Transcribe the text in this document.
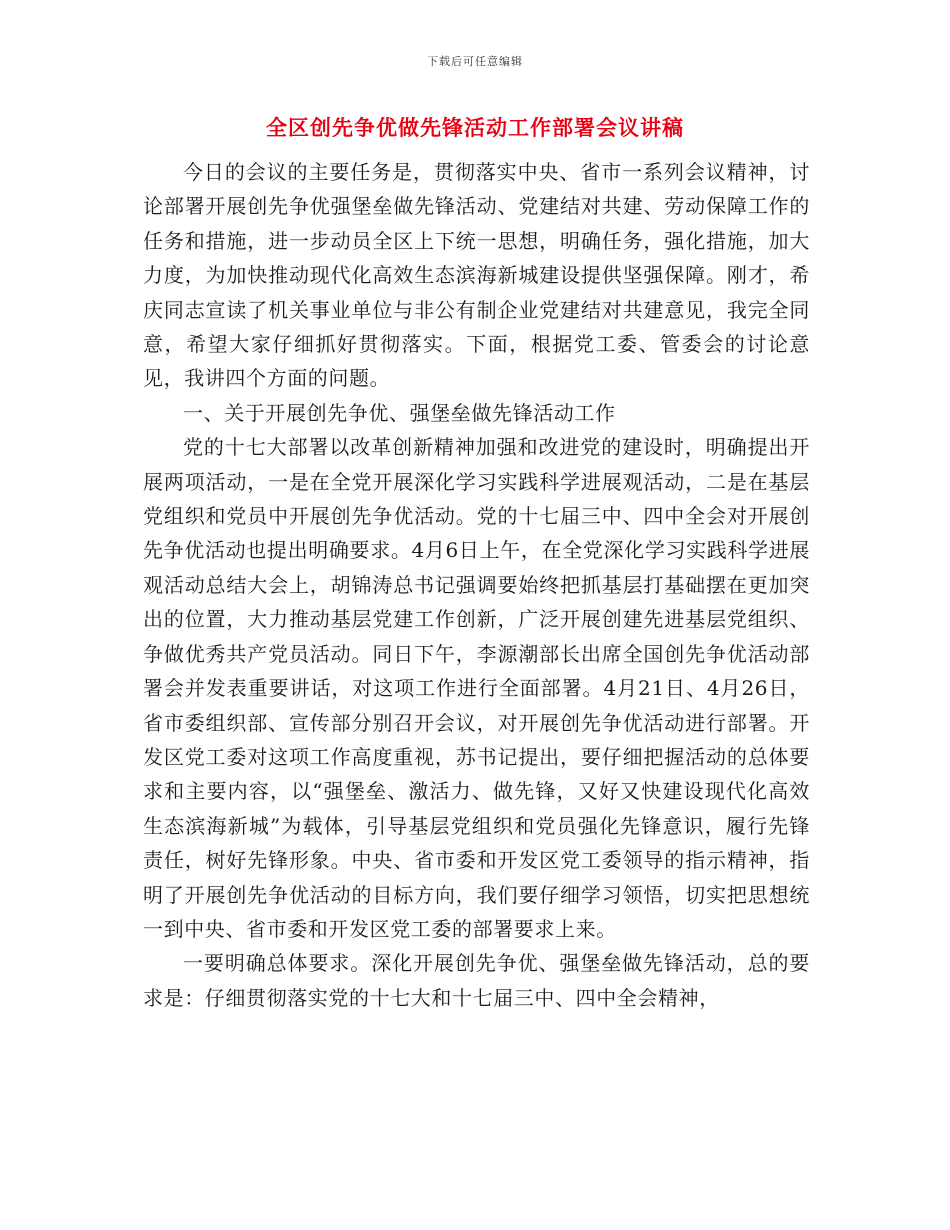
下载后可任意编辑
全区创先争优做先锋活动工作部署会议讲稿

今日的会议的主要任务是，贯彻落实中央、省市一系列会议精神，讨论部署开展创先争优强堡垒做先锋活动、党建结对共建、劳动保障工作的任务和措施，进一步动员全区上下统一思想，明确任务，强化措施，加大力度，为加快推动现代化高效生态滨海新城建设提供坚强保障。刚才，希庆同志宣读了机关事业单位与非公有制企业党建结对共建意见，我完全同意，希望大家仔细抓好贯彻落实。下面，根据党工委、管委会的讨论意见，我讲四个方面的问题。

一、关于开展创先争优、强堡垒做先锋活动工作

党的十七大部署以改革创新精神加强和改进党的建设时，明确提出开展两项活动，一是在全党开展深化学习实践科学进展观活动，二是在基层党组织和党员中开展创先争优活动。党的十七届三中、四中全会对开展创先争优活动也提出明确要求。4月6日上午，在全党深化学习实践科学进展观活动总结大会上，胡锦涛总书记强调要始终把抓基层打基础摆在更加突出的位置，大力推动基层党建工作创新，广泛开展创建先进基层党组织、争做优秀共产党员活动。同日下午，李源潮部长出席全国创先争优活动部署会并发表重要讲话，对这项工作进行全面部署。4月21日、4月26日，省市委组织部、宣传部分别召开会议，对开展创先争优活动进行部署。开发区党工委对这项工作高度重视，苏书记提出，要仔细把握活动的总体要求和主要内容，以“强堡垒、激活力、做先锋，又好又快建设现代化高效生态滨海新城”为载体，引导基层党组织和党员强化先锋意识，履行先锋责任，树好先锋形象。中央、省市委和开发区党工委领导的指示精神，指明了开展创先争优活动的目标方向，我们要仔细学习领悟，切实把思想统一到中央、省市委和开发区党工委的部署要求上来。

一要明确总体要求。深化开展创先争优、强堡垒做先锋活动，总的要求是：仔细贯彻落实党的十七大和十七届三中、四中全会精神，
